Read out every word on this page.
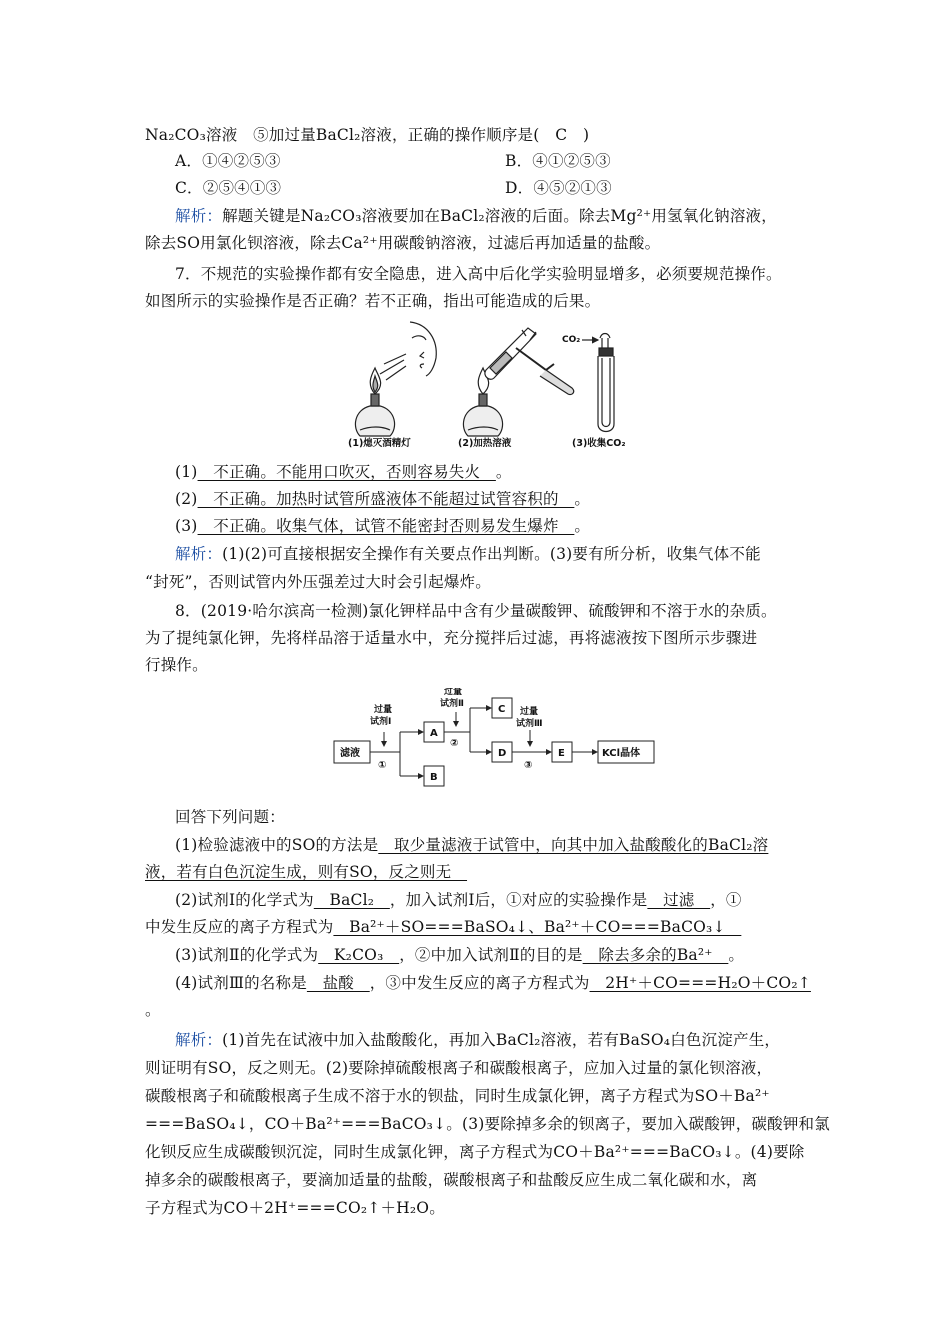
Na₂CO₃溶液　⑤加过量BaCl₂溶液，正确的操作顺序是(　C　)
A．①④②⑤③	B．④①②⑤③
C．②⑤④①③	D．④⑤②①③
解析：解题关键是Na₂CO₃溶液要加在BaCl₂溶液的后面。除去Mg²⁺用氢氧化钠溶液，
除去SO用氯化钡溶液，除去Ca²⁺用碳酸钠溶液，过滤后再加适量的盐酸。
7．不规范的实验操作都有安全隐患，进入高中后化学实验明显增多，必须要规范操作。
如图所示的实验操作是否正确？若不正确，指出可能造成的后果。
(1)熄灭酒精灯	(2)加热溶液
CO₂
(3)收集CO₂
(1)　不正确。不能用口吹灭，否则容易失火　。
(2)　不正确。加热时试管所盛液体不能超过试管容积的　。
(3)　不正确。收集气体，试管不能密封否则易发生爆炸　。
解析：(1)(2)可直接根据安全操作有关要点作出判断。(3)要有所分析，收集气体不能
“封死”，否则试管内外压强差过大时会引起爆炸。
8．(2019·哈尔滨高一检测)氯化钾样品中含有少量碳酸钾、硫酸钾和不溶于水的杂质。
为了提纯氯化钾，先将样品溶于适量水中，充分搅拌后过滤，再将滤液按下图所示步骤进
行操作。
滤液
A
B
C
D	E	KCl晶体
过量
试剂Ⅰ
①
过量
试剂Ⅱ
②
过量
试剂Ⅲ
③
回答下列问题：
(1)检验滤液中的SO的方法是　取少量滤液于试管中，向其中加入盐酸酸化的BaCl₂溶
液，若有白色沉淀生成，则有SO，反之则无　
(2)试剂Ⅰ的化学式为　BaCl₂　，加入试剂Ⅰ后，①对应的实验操作是　过滤　，①
中发生反应的离子方程式为　Ba²⁺＋SO===BaSO₄↓、Ba²⁺＋CO===BaCO₃↓　
(3)试剂Ⅱ的化学式为　K₂CO₃　，②中加入试剂Ⅱ的目的是　除去多余的Ba²⁺　。
(4)试剂Ⅲ的名称是　盐酸　，③中发生反应的离子方程式为　2H⁺＋CO===H₂O＋CO₂↑
。
解析：(1)首先在试液中加入盐酸酸化，再加入BaCl₂溶液，若有BaSO₄白色沉淀产生，
则证明有SO，反之则无。(2)要除掉硫酸根离子和碳酸根离子，应加入过量的氯化钡溶液，
碳酸根离子和硫酸根离子生成不溶于水的钡盐，同时生成氯化钾，离子方程式为SO＋Ba²⁺
===BaSO₄↓，CO＋Ba²⁺===BaCO₃↓。(3)要除掉多余的钡离子，要加入碳酸钾，碳酸钾和氯
化钡反应生成碳酸钡沉淀，同时生成氯化钾，离子方程式为CO＋Ba²⁺===BaCO₃↓。(4)要除
掉多余的碳酸根离子，要滴加适量的盐酸，碳酸根离子和盐酸反应生成二氧化碳和水，离
子方程式为CO＋2H⁺===CO₂↑＋H₂O。
